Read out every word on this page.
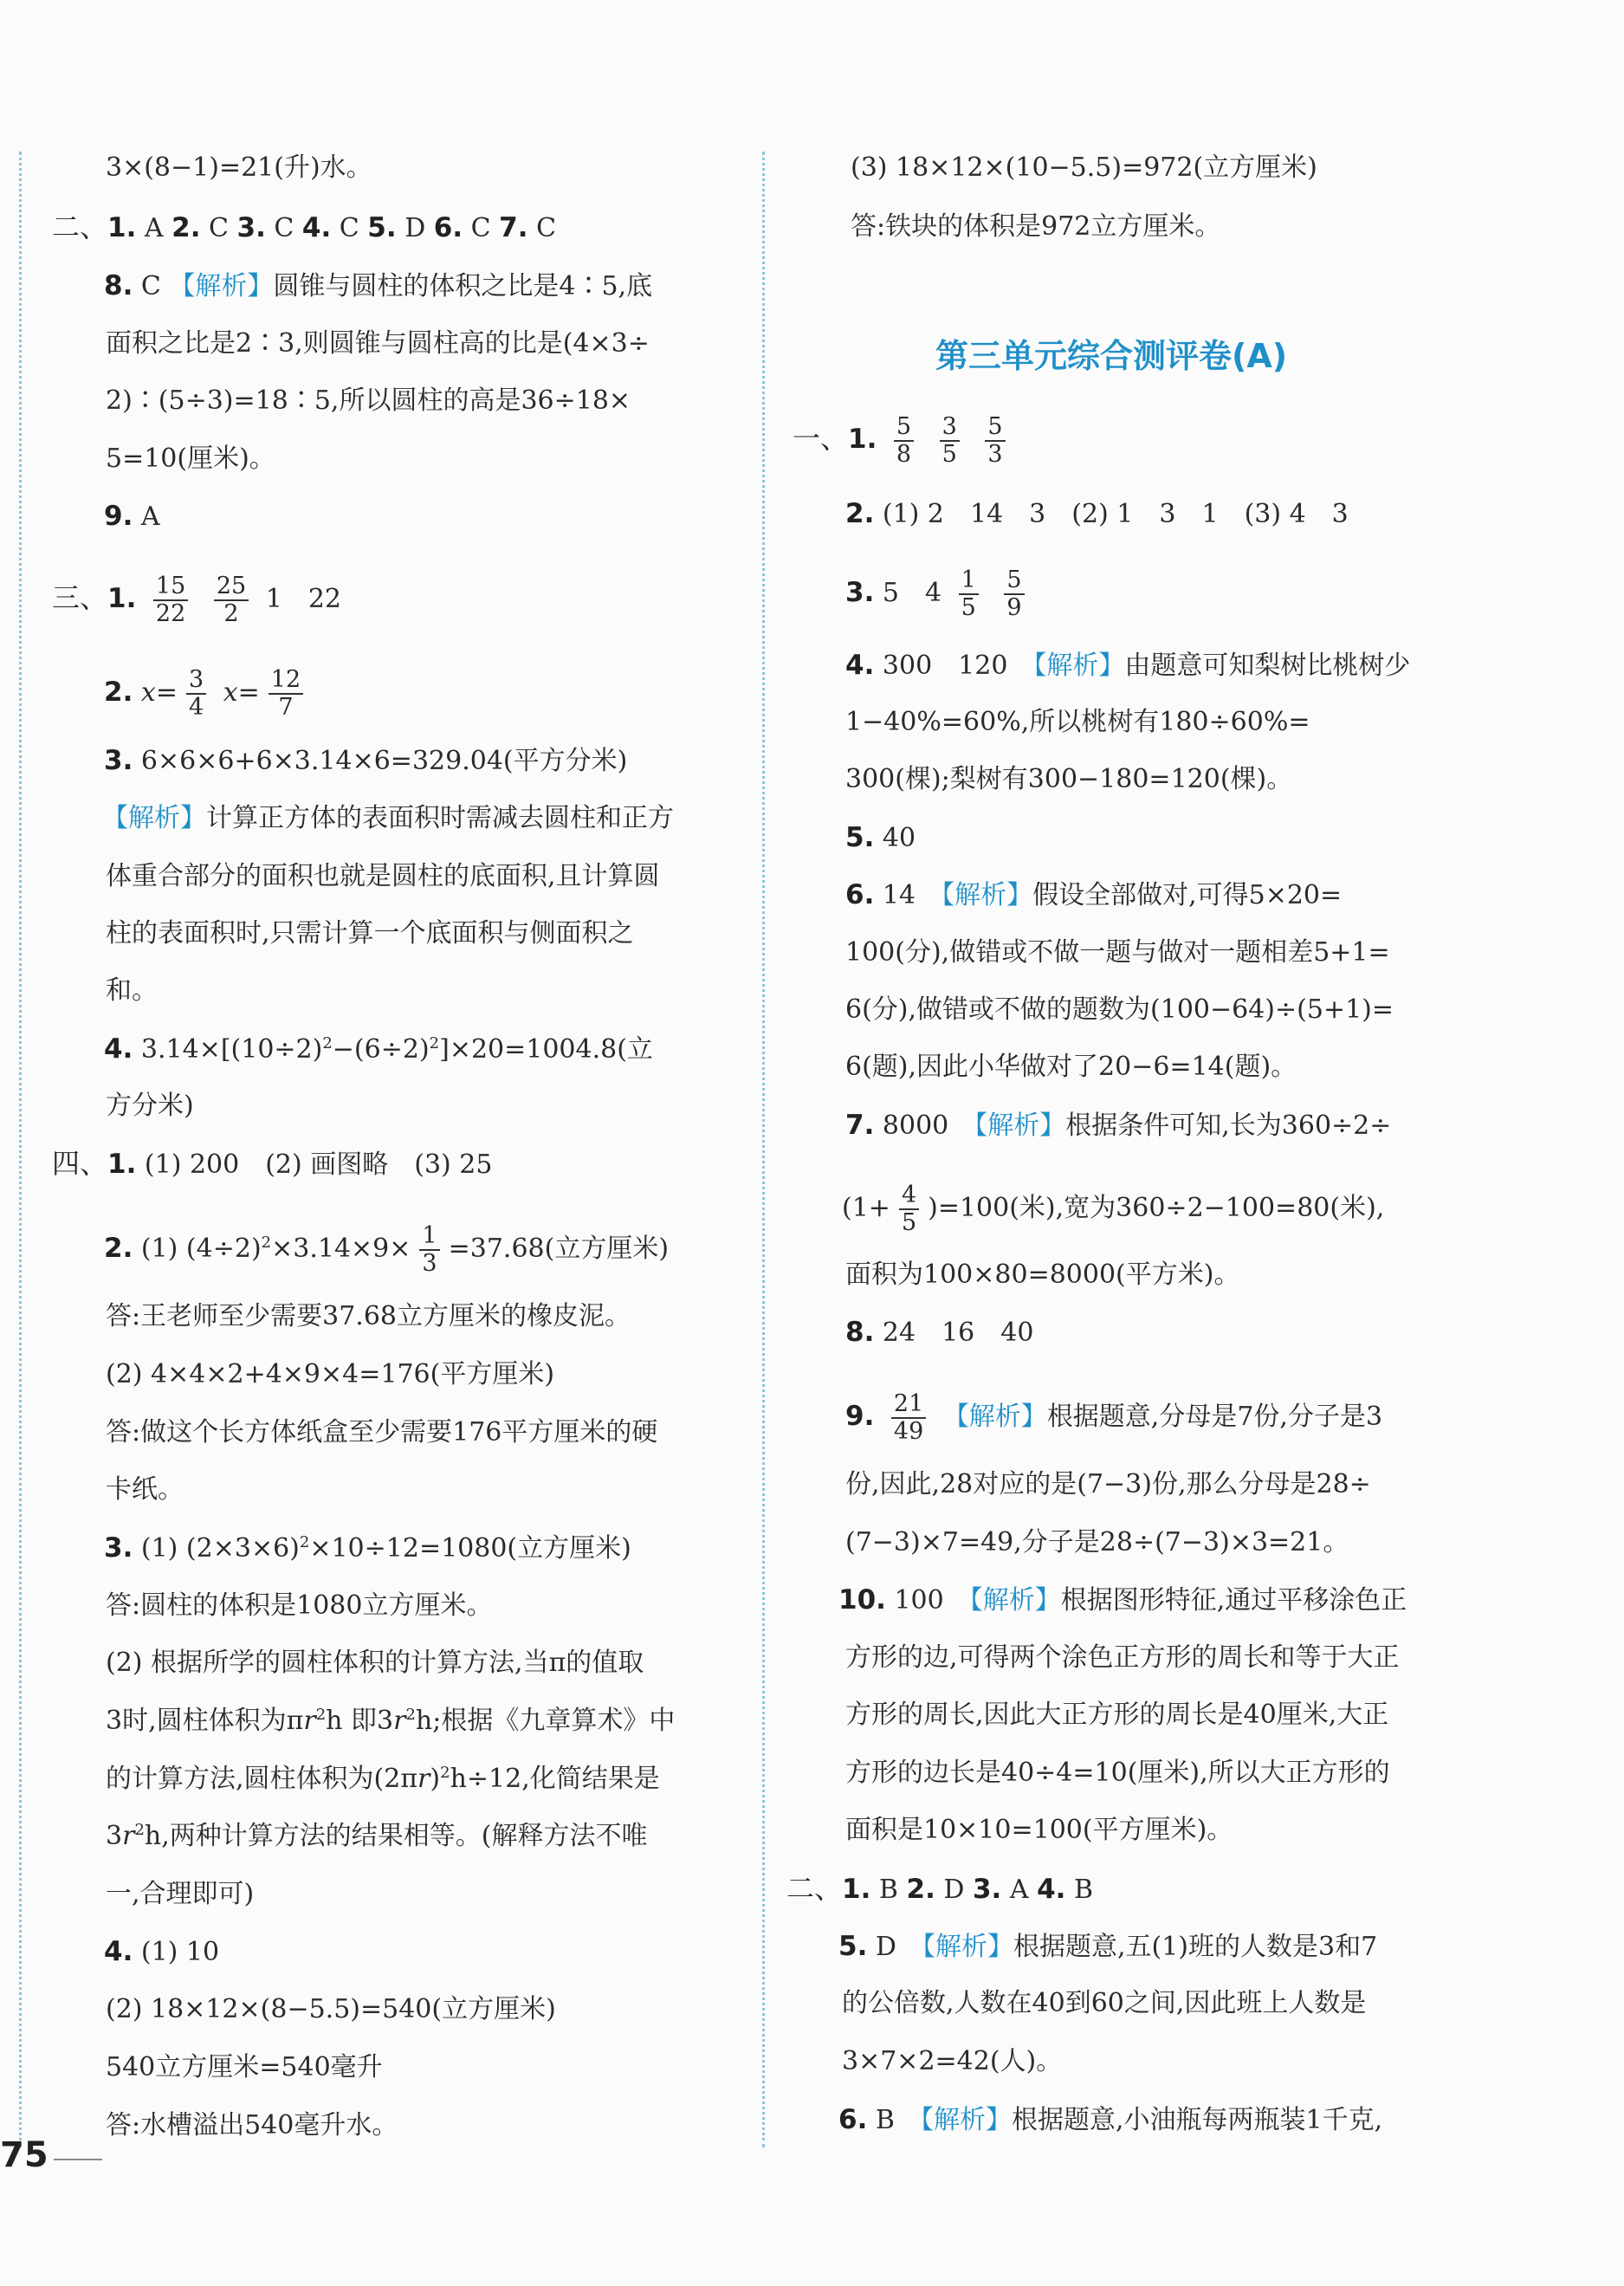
3×(8−1)=21(升)水。
二、1. A 2. C 3. C 4. C 5. D 6. C 7. C
8. C 【解析】圆锥与圆柱的体积之比是4∶5,底
面积之比是2∶3,则圆锥与圆柱高的比是(4×3÷
2)∶(5÷3)=18∶5,所以圆柱的高是36÷18×
5=10(厘米)。
9. A
三、1. $\frac{15}{22}$
$\frac{25}{2} 1$　22
2. $x= \frac{3}{4} x= \frac{12}{7}$
3. 6×6×6+6×3.14×6=329.04(平方分米)
【解析】计算正方体的表面积时需减去圆柱和正方
体重合部分的面积也就是圆柱的底面积,且计算圆
柱的表面积时,只需计算一个底面积与侧面积之
和。
4. $3.14\times[(10\div 2)^2-(6\div 2)^2]\times 20=1004.8$(立
方分米)
四、1. (1) 200　(2) 画图略　(3) 25
2. (1) $(4\div 2)^2\times 3.14\times 9\times \frac{1}{3} =37.68$(立方厘米)
答:王老师至少需要37.68立方厘米的橡皮泥。
(2) 4×4×2+4×9×4=176(平方厘米)
答:做这个长方体纸盒至少需要176平方厘米的硬
卡纸。
3. (1) $(2\times 3\times 6)^2\times 10\div 12=1080$(立方厘米)
答:圆柱的体积是1080立方厘米。
(2) 根据所学的圆柱体积的计算方法,当π的值取
3时,圆柱体积为$\pi r^2h$ 即$3r^2h$;根据《九章算术》中
的计算方法,圆柱体积为$(2\pi r)^2h\div 12$,化简结果是
$3r^2h$,两种计算方法的结果相等。(解释方法不唯
一,合理即可)
4. (1) 10
(2) 18×12×(8−5.5)=540(立方厘米)
540立方厘米=540毫升
答:水槽溢出540毫升水。
(3) 18×12×(10−5.5)=972(立方厘米)
答:铁块的体积是972立方厘米。
第三单元综合测评卷(A)
一、1. $\frac{5}{8}$
$\frac{3}{5}$
$\frac{5}{3}$
2. (1) 2　14　3　(2) 1　3　1　(3) 4　3
3. 5　$4 \frac{1}{5}$
$\frac{5}{9}$
4. 300　120　【解析】由题意可知梨树比桃树少
1−40%=60%,所以桃树有180÷60%=
300(棵);梨树有300−180=120(棵)。
5. 40
6. 14　【解析】假设全部做对,可得5×20=
100(分),做错或不做一题与做对一题相差5+1=
6(分),做错或不做的题数为(100−64)÷(5+1)=
6(题),因此小华做对了20−6=14(题)。
7. 8000　【解析】根据条件可知,长为360÷2÷
$(1+ \frac{4}{5} )=100$(米),宽为360÷2−100=80(米),
面积为100×80=8000(平方米)。
8. 24　16　40
9. $\frac{21}{49}$ 【解析】根据题意,分母是7份,分子是3
份,因此,28对应的是(7−3)份,那么分母是28÷
(7−3)×7=49,分子是28÷(7−3)×3=21。
10. 100　【解析】根据图形特征,通过平移涂色正
方形的边,可得两个涂色正方形的周长和等于大正
方形的周长,因此大正方形的周长是40厘米,大正
方形的边长是40÷4=10(厘米),所以大正方形的
面积是10×10=100(平方厘米)。
二、1. B 2. D 3. A 4. B
5. D　【解析】根据题意,五(1)班的人数是3和7
的公倍数,人数在40到60之间,因此班上人数是
3×7×2=42(人)。
6. B　【解析】根据题意,小油瓶每两瓶装1千克,
75
